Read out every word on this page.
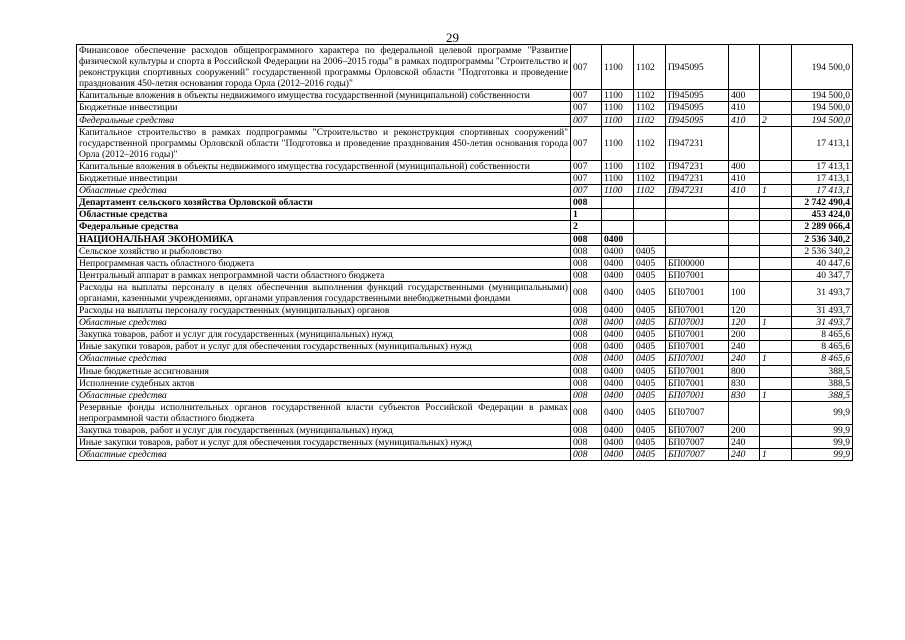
29
Финансовое обеспечение расходов общепрограммного характера по федеральной целевой программе "Развитие физической культуры и спорта в Российской Федерации на 2006–2015 годы" в рамках подпрограммы "Строительство и реконструкция спортивных сооружений" государственной программы Орловской области "Подготовка и проведение празднования 450-летия основания города Орла (2012–2016 годы)"	007	1100	1102	П945095			194 500,0
Капитальные вложения в объекты недвижимого имущества государственной (муниципальной) собственности	007	1100	1102	П945095	400		194 500,0
Бюджетные инвестиции	007	1100	1102	П945095	410		194 500,0
Федеральные средства	007	1100	1102	П945095	410	2	194 500,0
Капитальное строительство в рамках подпрограммы "Строительство и реконструкция спортивных сооружений" государственной программы Орловской области "Подготовка и проведение празднования 450-летия основания города Орла (2012–2016 годы)"	007	1100	1102	П947231			17 413,1
Капитальные вложения в объекты недвижимого имущества государственной (муниципальной) собственности	007	1100	1102	П947231	400		17 413,1
Бюджетные инвестиции	007	1100	1102	П947231	410		17 413,1
Областные средства	007	1100	1102	П947231	410	1	17 413,1
Департамент сельского хозяйства Орловской области	008						2 742 490,4
Областные средства	1						453 424,0
Федеральные средства	2						2 289 066,4
НАЦИОНАЛЬНАЯ ЭКОНОМИКА	008	0400					2 536 340,2
Сельское хозяйство и рыболовство	008	0400	0405				2 536 340,2
Непрограммная часть областного бюджета	008	0400	0405	БП00000			40 447,6
Центральный аппарат в рамках непрограммной части областного бюджета	008	0400	0405	БП07001			40 347,7
Расходы на выплаты персоналу в целях обеспечения выполнения функций государственными (муниципальными) органами, казенными учреждениями, органами управления государственными внебюджетными фондами	008	0400	0405	БП07001	100		31 493,7
Расходы на выплаты персоналу государственных (муниципальных) органов	008	0400	0405	БП07001	120		31 493,7
Областные средства	008	0400	0405	БП07001	120	1	31 493,7
Закупка товаров, работ и услуг для государственных (муниципальных) нужд	008	0400	0405	БП07001	200		8 465,6
Иные закупки товаров, работ и услуг для обеспечения государственных (муниципальных) нужд	008	0400	0405	БП07001	240		8 465,6
Областные средства	008	0400	0405	БП07001	240	1	8 465,6
Иные бюджетные ассигнования	008	0400	0405	БП07001	800		388,5
Исполнение судебных актов	008	0400	0405	БП07001	830		388,5
Областные средства	008	0400	0405	БП07001	830	1	388,5
Резервные фонды исполнительных органов государственной власти субъектов Российской Федерации в рамках непрограммной части областного бюджета	008	0400	0405	БП07007			99,9
Закупка товаров, работ и услуг для государственных (муниципальных) нужд	008	0400	0405	БП07007	200		99,9
Иные закупки товаров, работ и услуг для обеспечения государственных (муниципальных) нужд	008	0400	0405	БП07007	240		99,9
Областные средства	008	0400	0405	БП07007	240	1	99,9
